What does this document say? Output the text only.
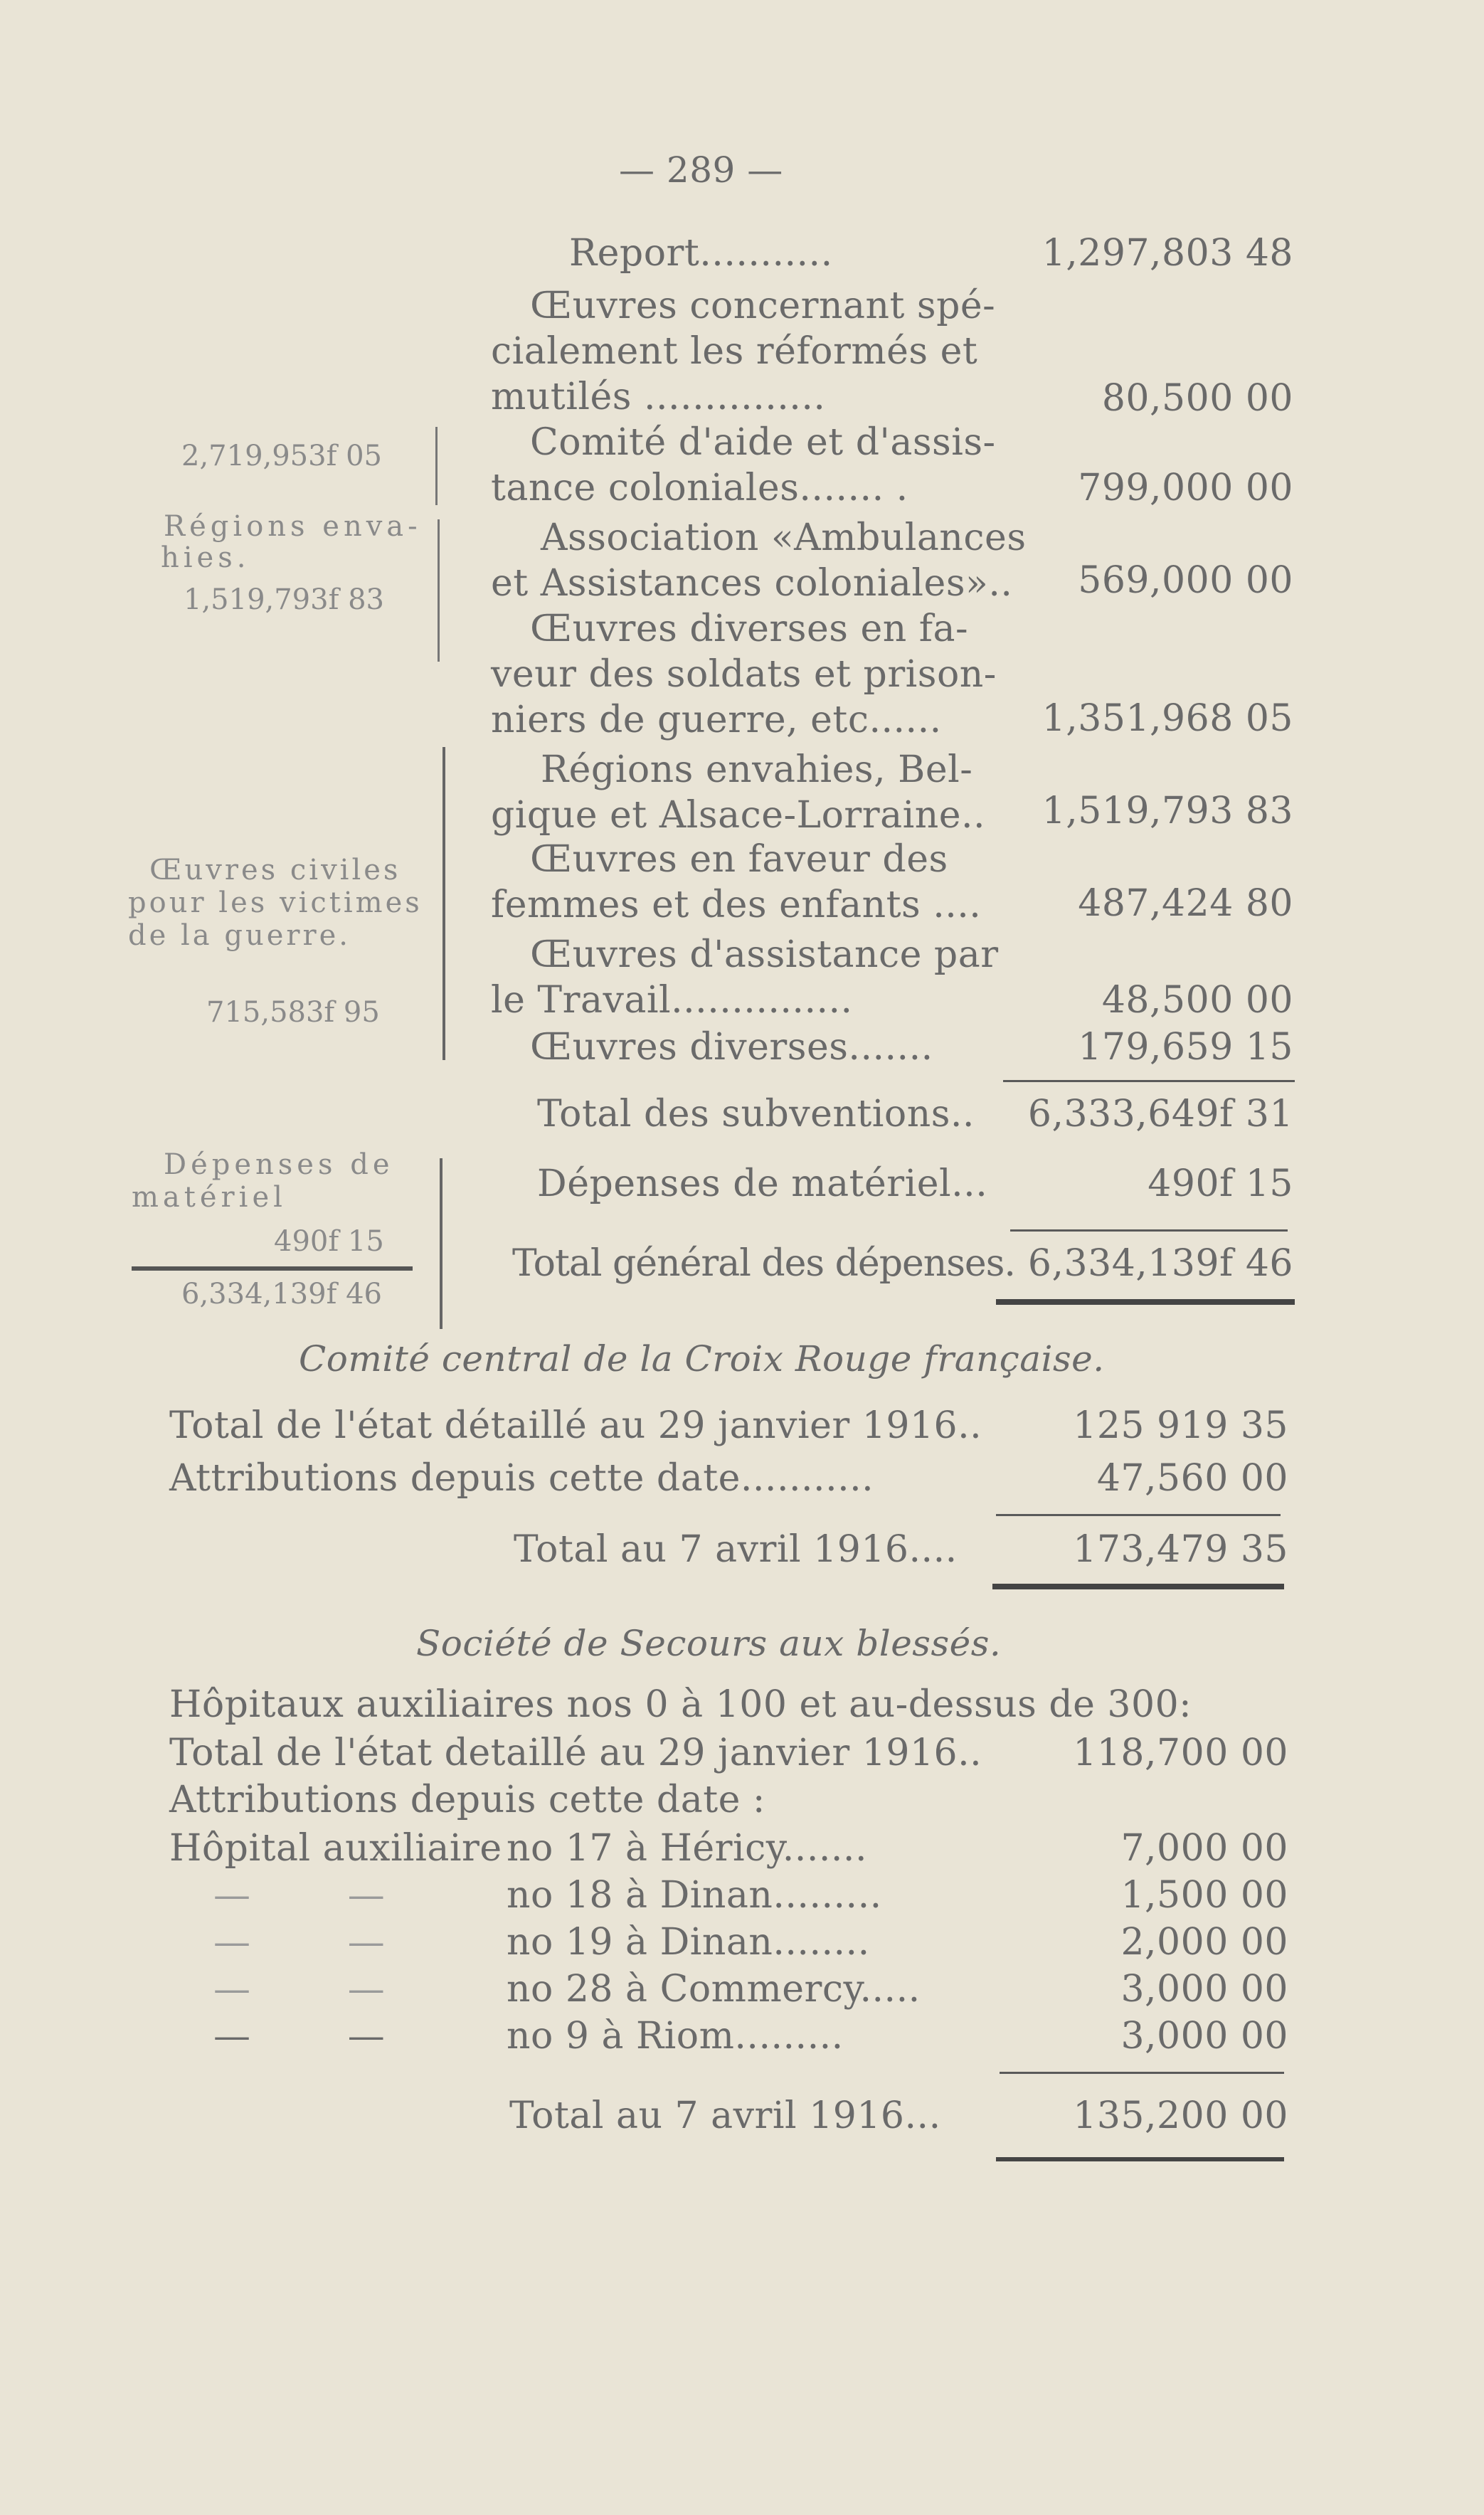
— 289 —
Report...........	1,297,803 48
Œuvres concernant spé-
cialement les réformés et
mutilés ...............	80,500 00
Comité d'aide et d'assis-
tance coloniales....... .	799,000 00
Association «Ambulances
et Assistances coloniales»..	569,000 00
Œuvres diverses en fa-
veur des soldats et prison-
niers de guerre, etc......	1,351,968 05
Régions envahies, Bel-
gique et Alsace-Lorraine.. 1,519,793 83
Œuvres en faveur des
femmes et des enfants ....	487,424 80
Œuvres d'assistance par
le Travail...............	48,500 00
Œuvres diverses.......	179,659 15
Total des subventions.. 6,333,649f 31
Dépenses de matériel...	490f 15
Total général des dépenses. 6,334,139f 46
2,719,953f 05
Régions enva-
hies.
1,519,793f 83
Œuvres civiles
pour les victimes
de la guerre.
715,583f 95
Dépenses de
matériel
490f 15
6,334,139f 46
Comité central de la Croix Rouge française.
Total de l'état détaillé au 29 janvier 1916.. 125 919 35
Attributions depuis cette date...........	47,560 00
Total au 7 avril 1916....	173,479 35
Société de Secours aux blessés.
Hôpitaux auxiliaires nos 0 à 100 et au-dessus de 300:
Total de l'état detaillé au 29 janvier 1916.. 118,700 00
Attributions depuis cette date :
Hôpital auxiliaire no 17 à Héricy.......	7,000 00
—        —	no 18 à Dinan.........	1,500 00
—        —	no 19 à Dinan........	2,000 00
—        —	no 28 à Commercy.....	3,000 00
—        —	no 9 à Riom.........	3,000 00
Total au 7 avril 1916...	135,200 00
